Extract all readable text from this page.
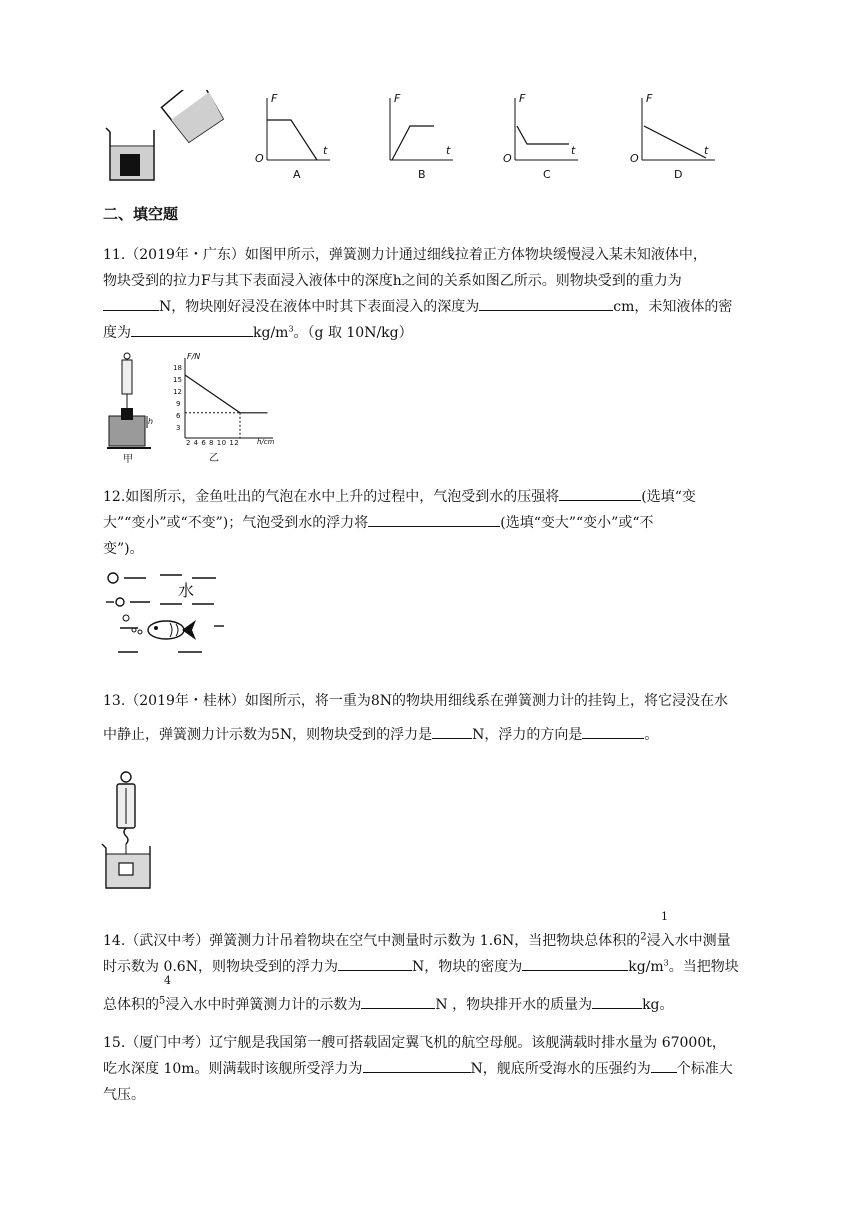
F
t
O
A
F
t
B
F
t
O
C
F
t
O
D
二、填空题
11.（2019年・广东）如图甲所示，弹簧测力计通过细线拉着正方体物块缓慢浸入某未知液体中，
物块受到的拉力F与其下表面浸入液体中的深度h之间的关系如图乙所示。则物块受到的重力为
N，物块刚好浸没在液体中时其下表面浸入的深度为	cm，未知液体的密
度为	$kg/m^3$。（g 取 10N/kg）
h
甲
F/N
h/cm
2 4 6 8 10 12
乙
18
15
12
9
6
3
12.如图所示，金鱼吐出的气泡在水中上升的过程中，气泡受到水的压强将	(选填“变
大”“变小”或“不变”)；气泡受到水的浮力将	(选填“变大”“变小”或“不
变”)。
水
13.（2019年・桂林）如图所示，将一重为8N的物块用细线系在弹簧测力计的挂钩上，将它浸没在水
中静止，弹簧测力计示数为5N，则物块受到的浮力是	N，浮力的方向是	。
1
14.（武汉中考）弹簧测力计吊着物块在空气中测量时示数为 1.6N，当把物块总体积的$^2$浸入水中测量
时示数为 0.6N，则物块受到的浮力为	N，物块的密度为	$kg/m^3$。当把物块
4
总体积的$^5$浸入水中时弹簧测力计的示数为	N ，物块排开水的质量为	kg。
15.（厦门中考）辽宁舰是我国第一艘可搭载固定翼飞机的航空母舰。该舰满载时排水量为 67000t，
吃水深度 10m。则满载时该舰所受浮力为	N，舰底所受海水的压强约为 个标准大
气压。
